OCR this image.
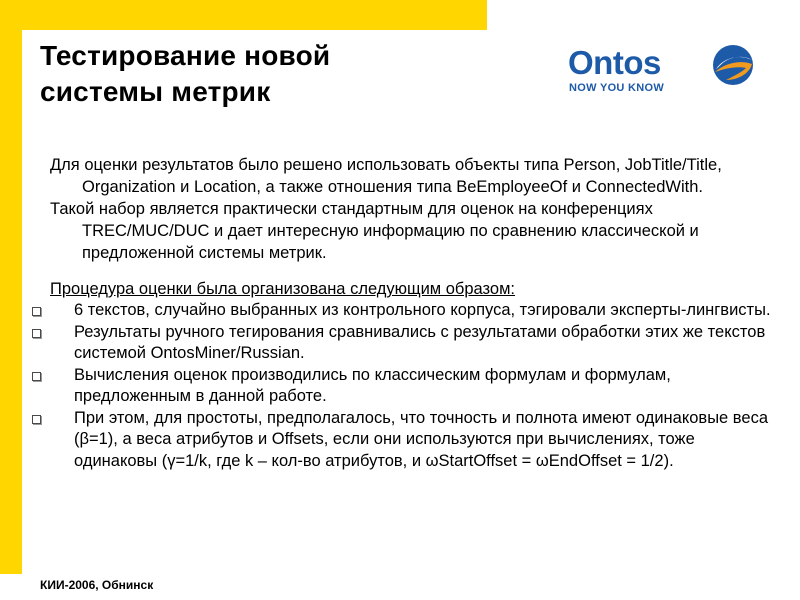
Тестирование новой
системы метрик
Ontos
NOW YOU KNOW

Для оценки результатов было решено использовать объекты типа Person, JobTitle/Title, Organization и Location, а также отношения типа BeEmployeeOf и ConnectedWith.

Такой набор является практически стандартным для оценок на конференциях TREC/MUC/DUC и дает интересную информацию по сравнению классической и предложенной системы метрик.

Процедура оценки была организована следующим образом:

6 текстов, случайно выбранных из контрольного корпуса, тэгировали эксперты-лингвисты.
Результаты ручного тегирования сравнивались с результатами обработки этих же текстов системой OntosMiner/Russian.
Вычисления оценок производились по классическим формулам и формулам, предложенным в данной работе.
При этом, для простоты, предполагалось, что точность и полнота имеют одинаковые веса (β=1), а веса атрибутов и Offsets, если они используются при вычислениях, тоже одинаковы (γ=1/k, где k – кол-во атрибутов, и ωStartOffset = ωEndOffset = 1/2).
КИИ-2006, Обнинск
